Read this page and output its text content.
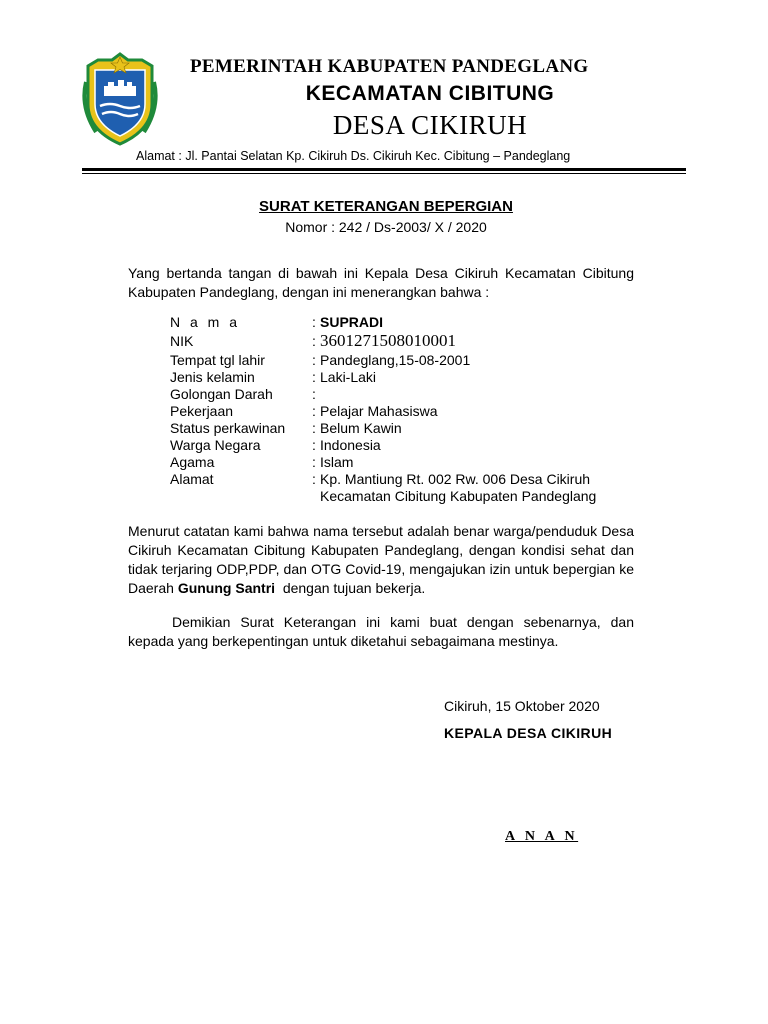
PEMERINTAH KABUPATEN PANDEGLANG
KECAMATAN CIBITUNG
DESA CIKIRUH
Alamat : Jl. Pantai Selatan Kp. Cikiruh Ds. Cikiruh Kec. Cibitung – Pandeglang
SURAT KETERANGAN BEPERGIAN
Nomor : 242 / Ds-2003/ X / 2020
Yang bertanda tangan di bawah ini Kepala Desa Cikiruh Kecamatan Cibitung Kabupaten Pandeglang, dengan ini menerangkan bahwa :
N a m a	: SUPRADI
NIK	: 3601271508010001
Tempat tgl lahir	: Pandeglang,15-08-2001
Jenis kelamin	: Laki-Laki
Golongan Darah	:
Pekerjaan	: Pelajar Mahasiswa
Status perkawinan	: Belum Kawin
Warga Negara	: Indonesia
Agama	: Islam
Alamat	: Kp. Mantiung Rt. 002 Rw. 006 Desa Cikiruh
Kecamatan Cibitung Kabupaten Pandeglang
Menurut catatan kami bahwa nama tersebut adalah benar warga/penduduk Desa Cikiruh Kecamatan Cibitung Kabupaten Pandeglang, dengan kondisi sehat dan tidak terjaring ODP,PDP, dan OTG Covid-19, mengajukan izin untuk bepergian ke Daerah Gunung Santri dengan tujuan bekerja.
Demikian Surat Keterangan ini kami buat dengan sebenarnya, dan kepada yang berkepentingan untuk diketahui sebagaimana mestinya.
Cikiruh, 15 Oktober 2020
KEPALA DESA CIKIRUH
A N A N
